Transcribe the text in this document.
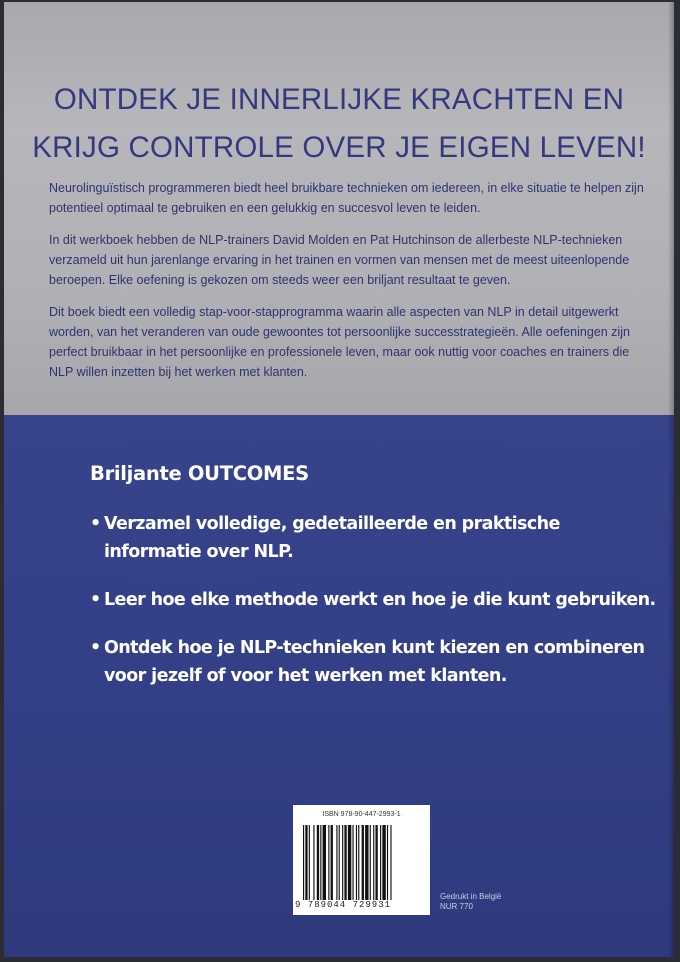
ONTDEK JE INNERLIJKE KRACHTEN EN
KRIJG CONTROLE OVER JE EIGEN LEVEN!

Neurolinguïstisch programmeren biedt heel bruikbare technieken om iedereen, in elke situatie te helpen zijn potentieel optimaal te gebruiken en een gelukkig en succesvol leven te leiden.

In dit werkboek hebben de NLP-trainers David Molden en Pat Hutchinson de allerbeste NLP-technieken verzameld uit hun jarenlange ervaring in het trainen en vormen van mensen met de meest uiteenlopende beroepen. Elke oefening is gekozen om steeds weer een briljant resultaat te geven.

Dit boek biedt een volledig stap-voor-stapprogramma waarin alle aspecten van NLP in detail uitgewerkt worden, van het veranderen van oude gewoontes tot persoonlijke successtrategieën. Alle oefeningen zijn perfect bruikbaar in het persoonlijke en professionele leven, maar ook nuttig voor coaches en trainers die NLP willen inzetten bij het werken met klanten.

Briljante OUTCOMES
• Verzamel volledige, gedetailleerde en praktische informatie over NLP.
• Leer hoe elke methode werkt en hoe je die kunt gebruiken.
• Ontdek hoe je NLP-technieken kunt kiezen en combineren voor jezelf of voor het werken met klanten.
ISBN 978-90-447-2993-1
9 789044 729931
Gedrukt in België
NUR 770
